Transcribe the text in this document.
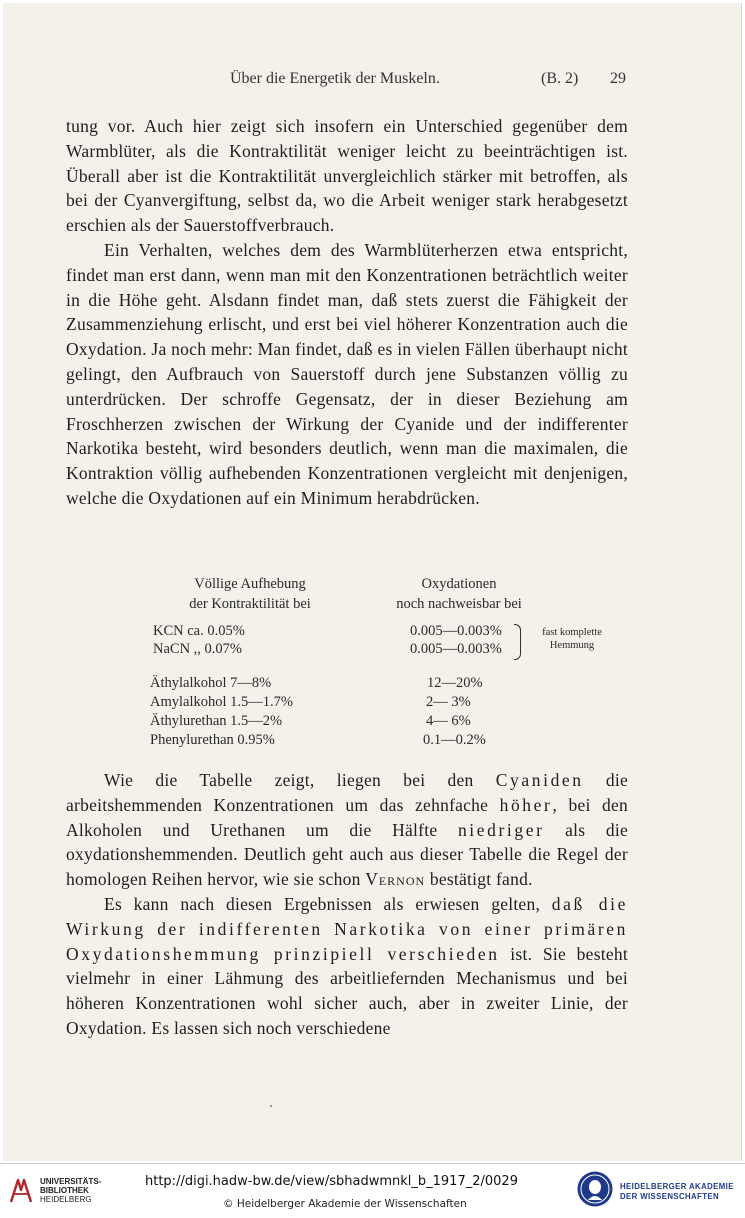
Über die Energetik der Muskeln.	(B. 2) 29

tung vor. Auch hier zeigt sich insofern ein Unterschied gegenüber dem Warmblüter, als die Kontraktilität weniger leicht zu beeinträchtigen ist. Überall aber ist die Kontraktilität unvergleichlich stärker mit betroffen, als bei der Cyanvergiftung, selbst da, wo die Arbeit weniger stark herabgesetzt erschien als der Sauerstoffverbrauch.

Ein Verhalten, welches dem des Warmblüterherzen etwa entspricht, findet man erst dann, wenn man mit den Konzentrationen beträchtlich weiter in die Höhe geht. Alsdann findet man, daß stets zuerst die Fähigkeit der Zusammenziehung erlischt, und erst bei viel höherer Konzentration auch die Oxydation. Ja noch mehr: Man findet, daß es in vielen Fällen überhaupt nicht gelingt, den Aufbrauch von Sauerstoff durch jene Substanzen völlig zu unterdrücken. Der schroffe Gegensatz, der in dieser Beziehung am Froschherzen zwischen der Wirkung der Cyanide und der indifferenter Narkotika besteht, wird besonders deutlich, wenn man die maximalen, die Kontraktion völlig aufhebenden Konzentrationen vergleicht mit denjenigen, welche die Oxydationen auf ein Minimum herabdrücken.

Völlige Aufhebung
der Kontraktilität bei
Oxydationen
noch nachweisbar bei
KCN ca. 0.05%	0.005—0.003%
NaCN ,, 0.07%	0.005—0.003%
fast komplette
Hemmung
Äthylalkohol 7—8%	12—20%
Amylalkohol 1.5—1.7%	2— 3%
Äthylurethan 1.5—2%	4— 6%
Phenylurethan 0.95%	0.1—0.2%

Wie die Tabelle zeigt, liegen bei den Cyaniden die arbeitshemmenden Konzentrationen um das zehnfache höher, bei den Alkoholen und Urethanen um die Hälfte niedriger als die oxydationshemmenden. Deutlich geht auch aus dieser Tabelle die Regel der homologen Reihen hervor, wie sie schon Vernon bestätigt fand.

Es kann nach diesen Ergebnissen als erwiesen gelten, daß die Wirkung der indifferenten Narkotika von einer primären Oxydationshemmung prinzipiell verschieden ist. Sie besteht vielmehr in einer Lähmung des arbeitliefernden Mechanismus und bei höheren Konzentrationen wohl sicher auch, aber in zweiter Linie, der Oxydation. Es lassen sich noch verschiedene

UNIVERSITÄTS-
BIBLIOTHEK
HEIDELBERG
http://digi.hadw-bw.de/view/sbhadwmnkl_b_1917_2/0029
© Heidelberger Akademie der Wissenschaften
HEIDELBERGER AKADEMIE
DER WISSENSCHAFTEN
